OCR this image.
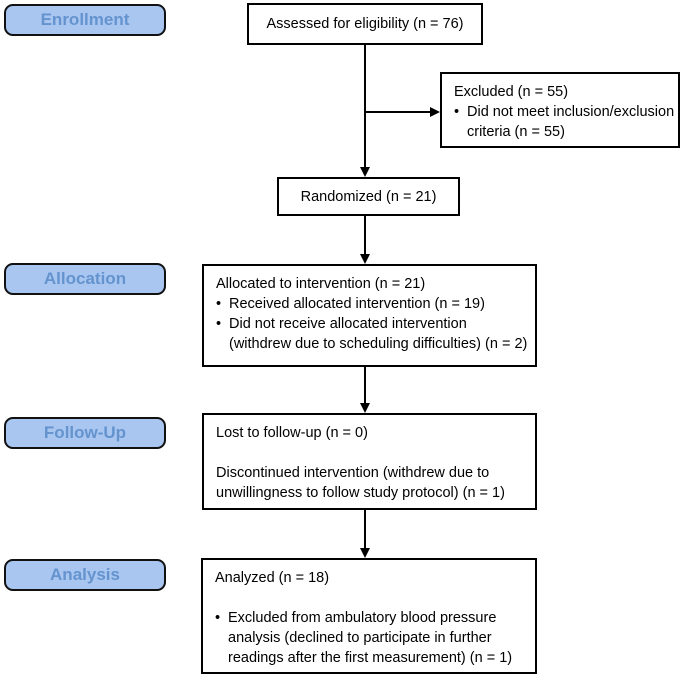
Enrollment
Allocation
Follow-Up
Analysis
Assessed for eligibility (n = 76)
Excluded (n = 55)
• Did not meet inclusion/exclusion
criteria (n = 55)
Randomized (n = 21)
Allocated to intervention (n = 21)
• Received allocated intervention (n = 19)
• Did not receive allocated intervention
(withdrew due to scheduling difficulties) (n = 2)
Lost to follow-up (n = 0)
Discontinued intervention (withdrew due to
unwillingness to follow study protocol) (n = 1)
Analyzed (n = 18)
• Excluded from ambulatory blood pressure
analysis (declined to participate in further
readings after the first measurement) (n = 1)
